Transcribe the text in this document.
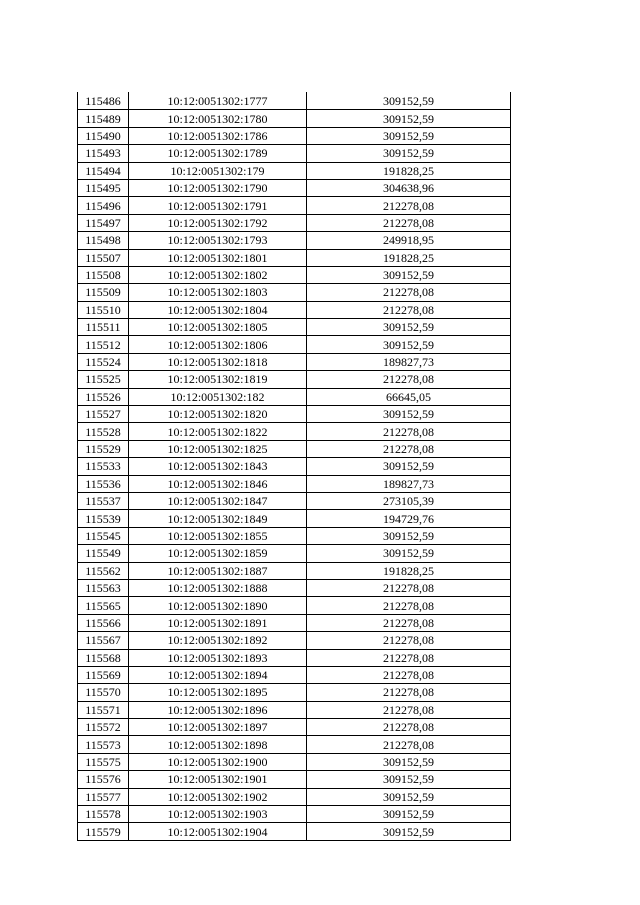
115486	10:12:0051302:1777	309152,59
115489	10:12:0051302:1780	309152,59
115490	10:12:0051302:1786	309152,59
115493	10:12:0051302:1789	309152,59
115494	10:12:0051302:179	191828,25
115495	10:12:0051302:1790	304638,96
115496	10:12:0051302:1791	212278,08
115497	10:12:0051302:1792	212278,08
115498	10:12:0051302:1793	249918,95
115507	10:12:0051302:1801	191828,25
115508	10:12:0051302:1802	309152,59
115509	10:12:0051302:1803	212278,08
115510	10:12:0051302:1804	212278,08
115511	10:12:0051302:1805	309152,59
115512	10:12:0051302:1806	309152,59
115524	10:12:0051302:1818	189827,73
115525	10:12:0051302:1819	212278,08
115526	10:12:0051302:182	66645,05
115527	10:12:0051302:1820	309152,59
115528	10:12:0051302:1822	212278,08
115529	10:12:0051302:1825	212278,08
115533	10:12:0051302:1843	309152,59
115536	10:12:0051302:1846	189827,73
115537	10:12:0051302:1847	273105,39
115539	10:12:0051302:1849	194729,76
115545	10:12:0051302:1855	309152,59
115549	10:12:0051302:1859	309152,59
115562	10:12:0051302:1887	191828,25
115563	10:12:0051302:1888	212278,08
115565	10:12:0051302:1890	212278,08
115566	10:12:0051302:1891	212278,08
115567	10:12:0051302:1892	212278,08
115568	10:12:0051302:1893	212278,08
115569	10:12:0051302:1894	212278,08
115570	10:12:0051302:1895	212278,08
115571	10:12:0051302:1896	212278,08
115572	10:12:0051302:1897	212278,08
115573	10:12:0051302:1898	212278,08
115575	10:12:0051302:1900	309152,59
115576	10:12:0051302:1901	309152,59
115577	10:12:0051302:1902	309152,59
115578	10:12:0051302:1903	309152,59
115579	10:12:0051302:1904	309152,59
